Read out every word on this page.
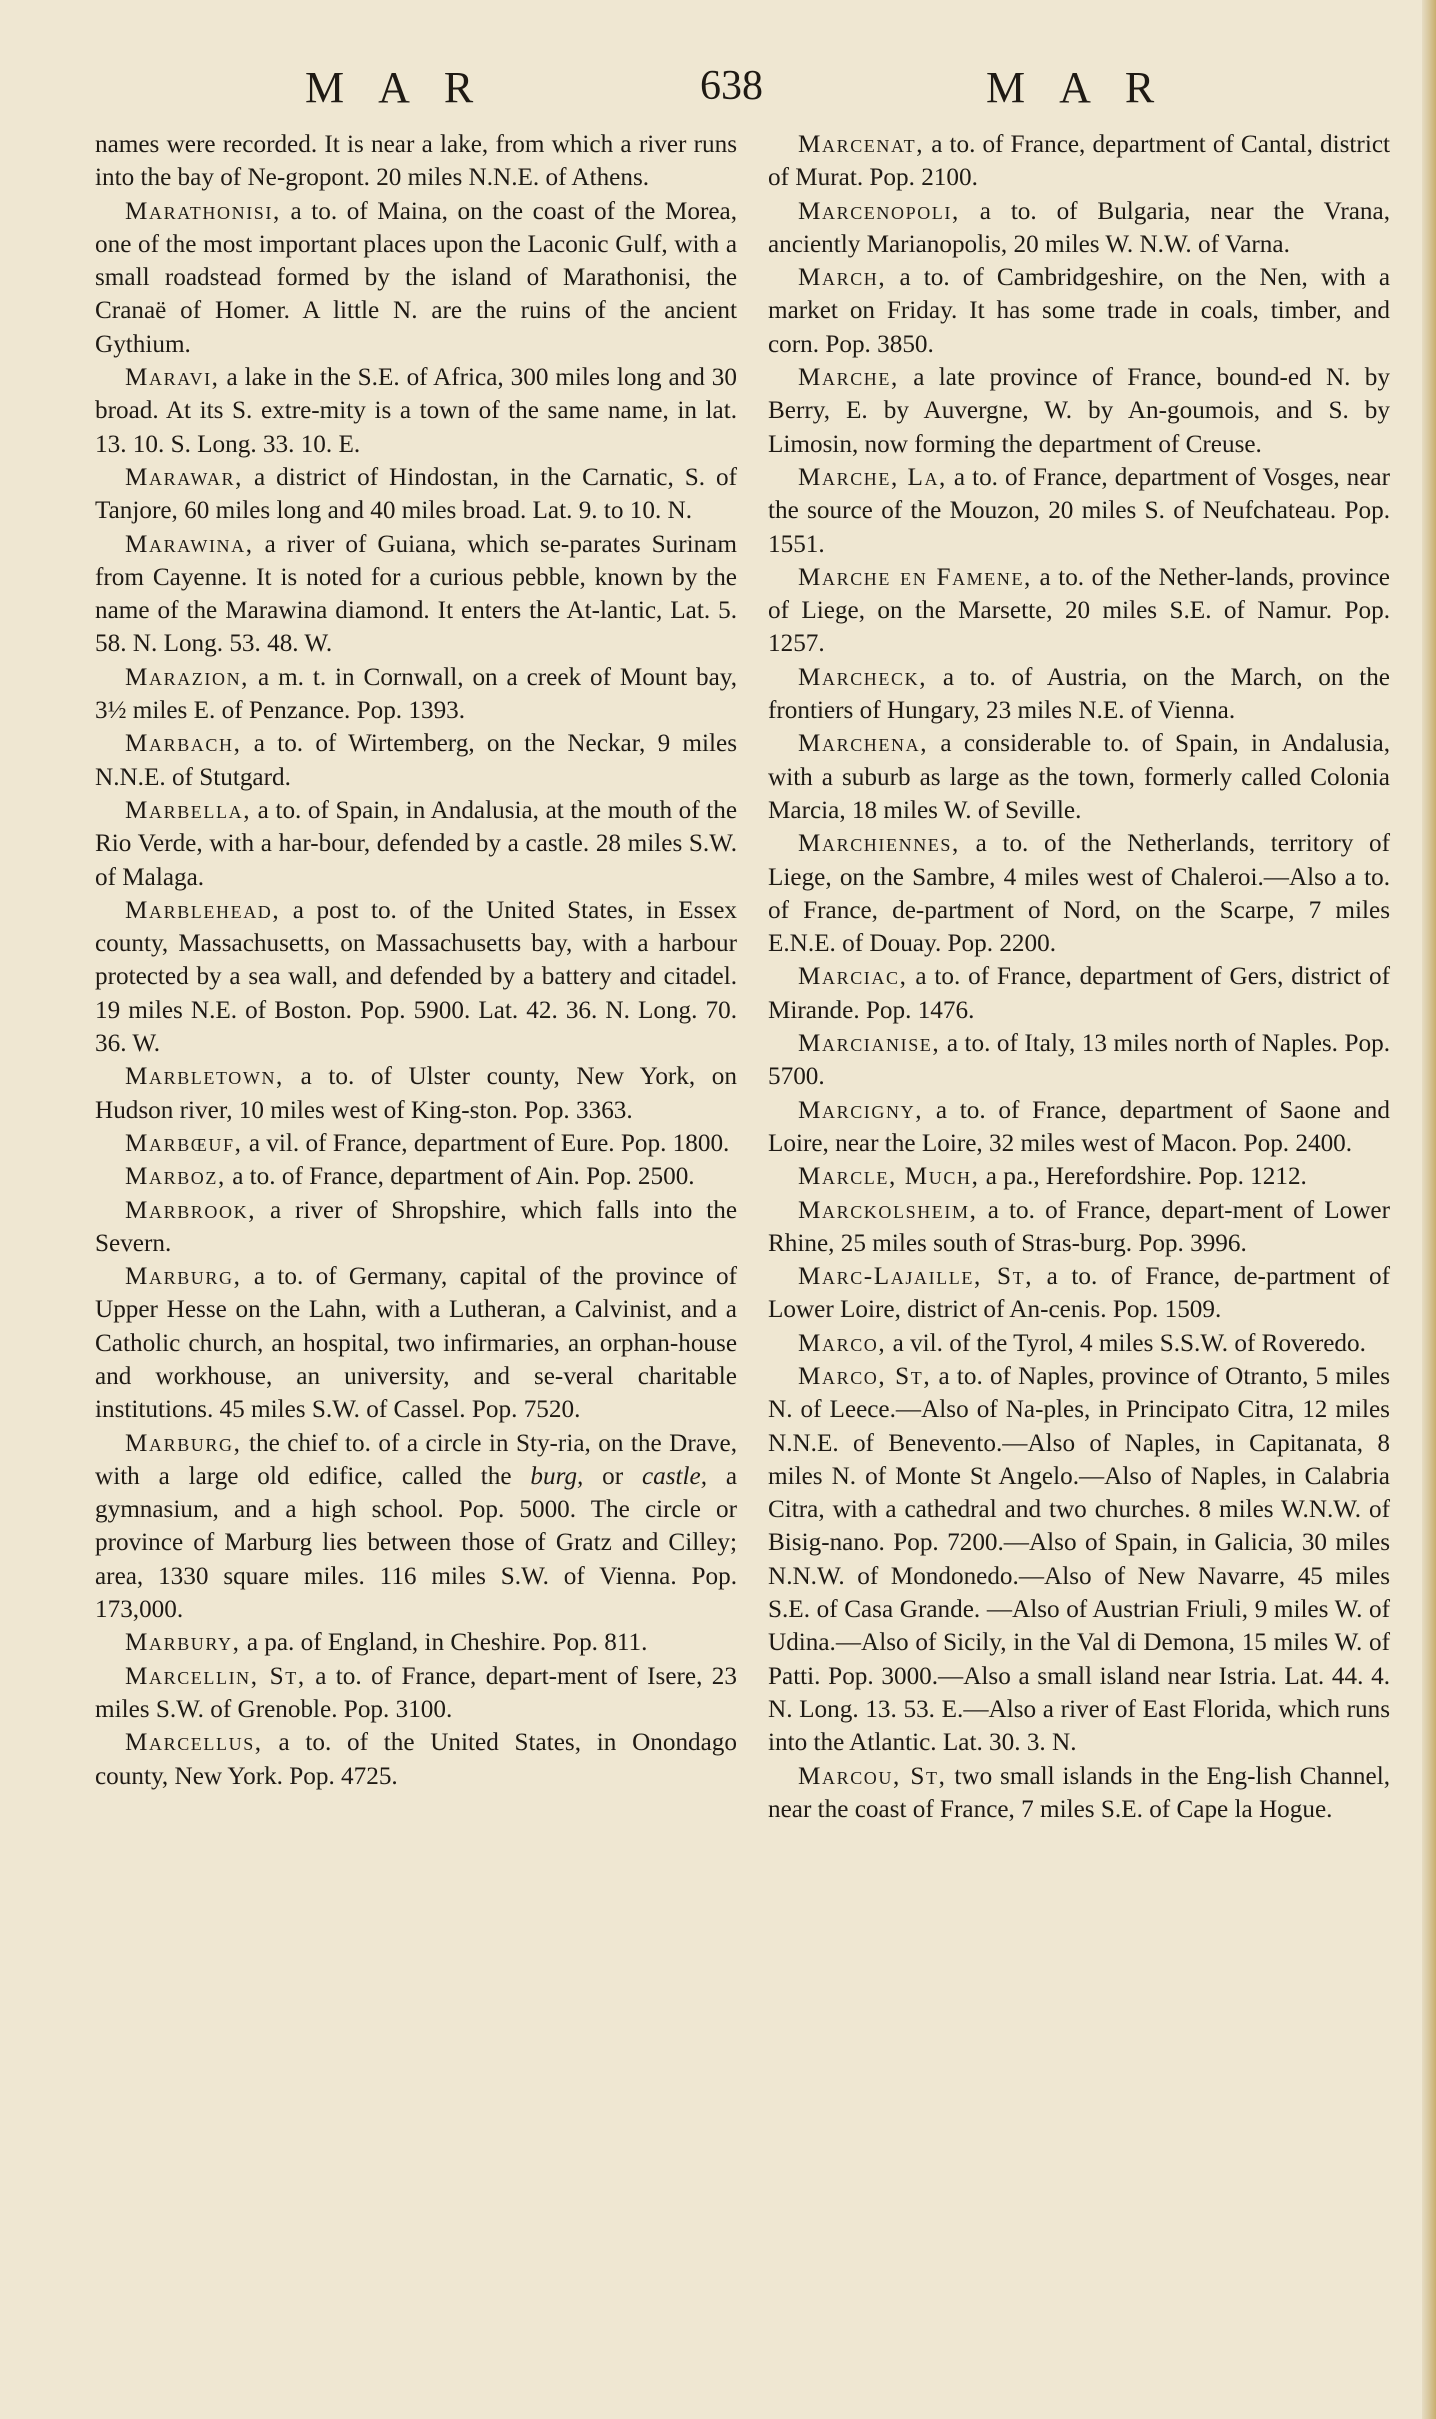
MAR	638	MAR

names were recorded. It is near a lake, from which a river runs into the bay of Ne-gropont. 20 miles N.N.E. of Athens.

Marathonisi, a to. of Maina, on the coast of the Morea, one of the most important places upon the Laconic Gulf, with a small roadstead formed by the island of Marathonisi, the Cranaë of Homer. A little N. are the ruins of the ancient Gythium.

Maravi, a lake in the S.E. of Africa, 300 miles long and 30 broad. At its S. extre-mity is a town of the same name, in lat. 13. 10. S. Long. 33. 10. E.

Marawar, a district of Hindostan, in the Carnatic, S. of Tanjore, 60 miles long and 40 miles broad. Lat. 9. to 10. N.

Marawina, a river of Guiana, which se-parates Surinam from Cayenne. It is noted for a curious pebble, known by the name of the Marawina diamond. It enters the At-lantic, Lat. 5. 58. N. Long. 53. 48. W.

Marazion, a m. t. in Cornwall, on a creek of Mount bay, 3½ miles E. of Penzance. Pop. 1393.

Marbach, a to. of Wirtemberg, on the Neckar, 9 miles N.N.E. of Stutgard.

Marbella, a to. of Spain, in Andalusia, at the mouth of the Rio Verde, with a har-bour, defended by a castle. 28 miles S.W. of Malaga.

Marblehead, a post to. of the United States, in Essex county, Massachusetts, on Massachusetts bay, with a harbour protected by a sea wall, and defended by a battery and citadel. 19 miles N.E. of Boston. Pop. 5900. Lat. 42. 36. N. Long. 70. 36. W.

Marbletown, a to. of Ulster county, New York, on Hudson river, 10 miles west of King-ston. Pop. 3363.

Marbœuf, a vil. of France, department of Eure. Pop. 1800.

Marboz, a to. of France, department of Ain. Pop. 2500.

Marbrook, a river of Shropshire, which falls into the Severn.

Marburg, a to. of Germany, capital of the province of Upper Hesse on the Lahn, with a Lutheran, a Calvinist, and a Catholic church, an hospital, two infirmaries, an orphan-house and workhouse, an university, and se-veral charitable institutions. 45 miles S.W. of Cassel. Pop. 7520.

Marburg, the chief to. of a circle in Sty-ria, on the Drave, with a large old edifice, called the burg, or castle, a gymnasium, and a high school. Pop. 5000. The circle or province of Marburg lies between those of Gratz and Cilley; area, 1330 square miles. 116 miles S.W. of Vienna. Pop. 173,000.

Marbury, a pa. of England, in Cheshire. Pop. 811.

Marcellin, St, a to. of France, depart-ment of Isere, 23 miles S.W. of Grenoble. Pop. 3100.

Marcellus, a to. of the United States, in Onondago county, New York. Pop. 4725.

Marcenat, a to. of France, department of Cantal, district of Murat. Pop. 2100.

Marcenopoli, a to. of Bulgaria, near the Vrana, anciently Marianopolis, 20 miles W. N.W. of Varna.

March, a to. of Cambridgeshire, on the Nen, with a market on Friday. It has some trade in coals, timber, and corn. Pop. 3850.

Marche, a late province of France, bound-ed N. by Berry, E. by Auvergne, W. by An-goumois, and S. by Limosin, now forming the department of Creuse.

Marche, La, a to. of France, department of Vosges, near the source of the Mouzon, 20 miles S. of Neufchateau. Pop. 1551.

Marche en Famene, a to. of the Nether-lands, province of Liege, on the Marsette, 20 miles S.E. of Namur. Pop. 1257.

Marcheck, a to. of Austria, on the March, on the frontiers of Hungary, 23 miles N.E. of Vienna.

Marchena, a considerable to. of Spain, in Andalusia, with a suburb as large as the town, formerly called Colonia Marcia, 18 miles W. of Seville.

Marchiennes, a to. of the Netherlands, territory of Liege, on the Sambre, 4 miles west of Chaleroi.—Also a to. of France, de-partment of Nord, on the Scarpe, 7 miles E.N.E. of Douay. Pop. 2200.

Marciac, a to. of France, department of Gers, district of Mirande. Pop. 1476.

Marcianise, a to. of Italy, 13 miles north of Naples. Pop. 5700.

Marcigny, a to. of France, department of Saone and Loire, near the Loire, 32 miles west of Macon. Pop. 2400.

Marcle, Much, a pa., Herefordshire. Pop. 1212.

Marckolsheim, a to. of France, depart-ment of Lower Rhine, 25 miles south of Stras-burg. Pop. 3996.

Marc-Lajaille, St, a to. of France, de-partment of Lower Loire, district of An-cenis. Pop. 1509.

Marco, a vil. of the Tyrol, 4 miles S.S.W. of Roveredo.

Marco, St, a to. of Naples, province of Otranto, 5 miles N. of Leece.—Also of Na-ples, in Principato Citra, 12 miles N.N.E. of Benevento.—Also of Naples, in Capitanata, 8 miles N. of Monte St Angelo.—Also of Naples, in Calabria Citra, with a cathedral and two churches. 8 miles W.N.W. of Bisig-nano. Pop. 7200.—Also of Spain, in Galicia, 30 miles N.N.W. of Mondonedo.—Also of New Navarre, 45 miles S.E. of Casa Grande. —Also of Austrian Friuli, 9 miles W. of Udina.—Also of Sicily, in the Val di Demona, 15 miles W. of Patti. Pop. 3000.—Also a small island near Istria. Lat. 44. 4. N. Long. 13. 53. E.—Also a river of East Florida, which runs into the Atlantic. Lat. 30. 3. N.

Marcou, St, two small islands in the Eng-lish Channel, near the coast of France, 7 miles S.E. of Cape la Hogue.
